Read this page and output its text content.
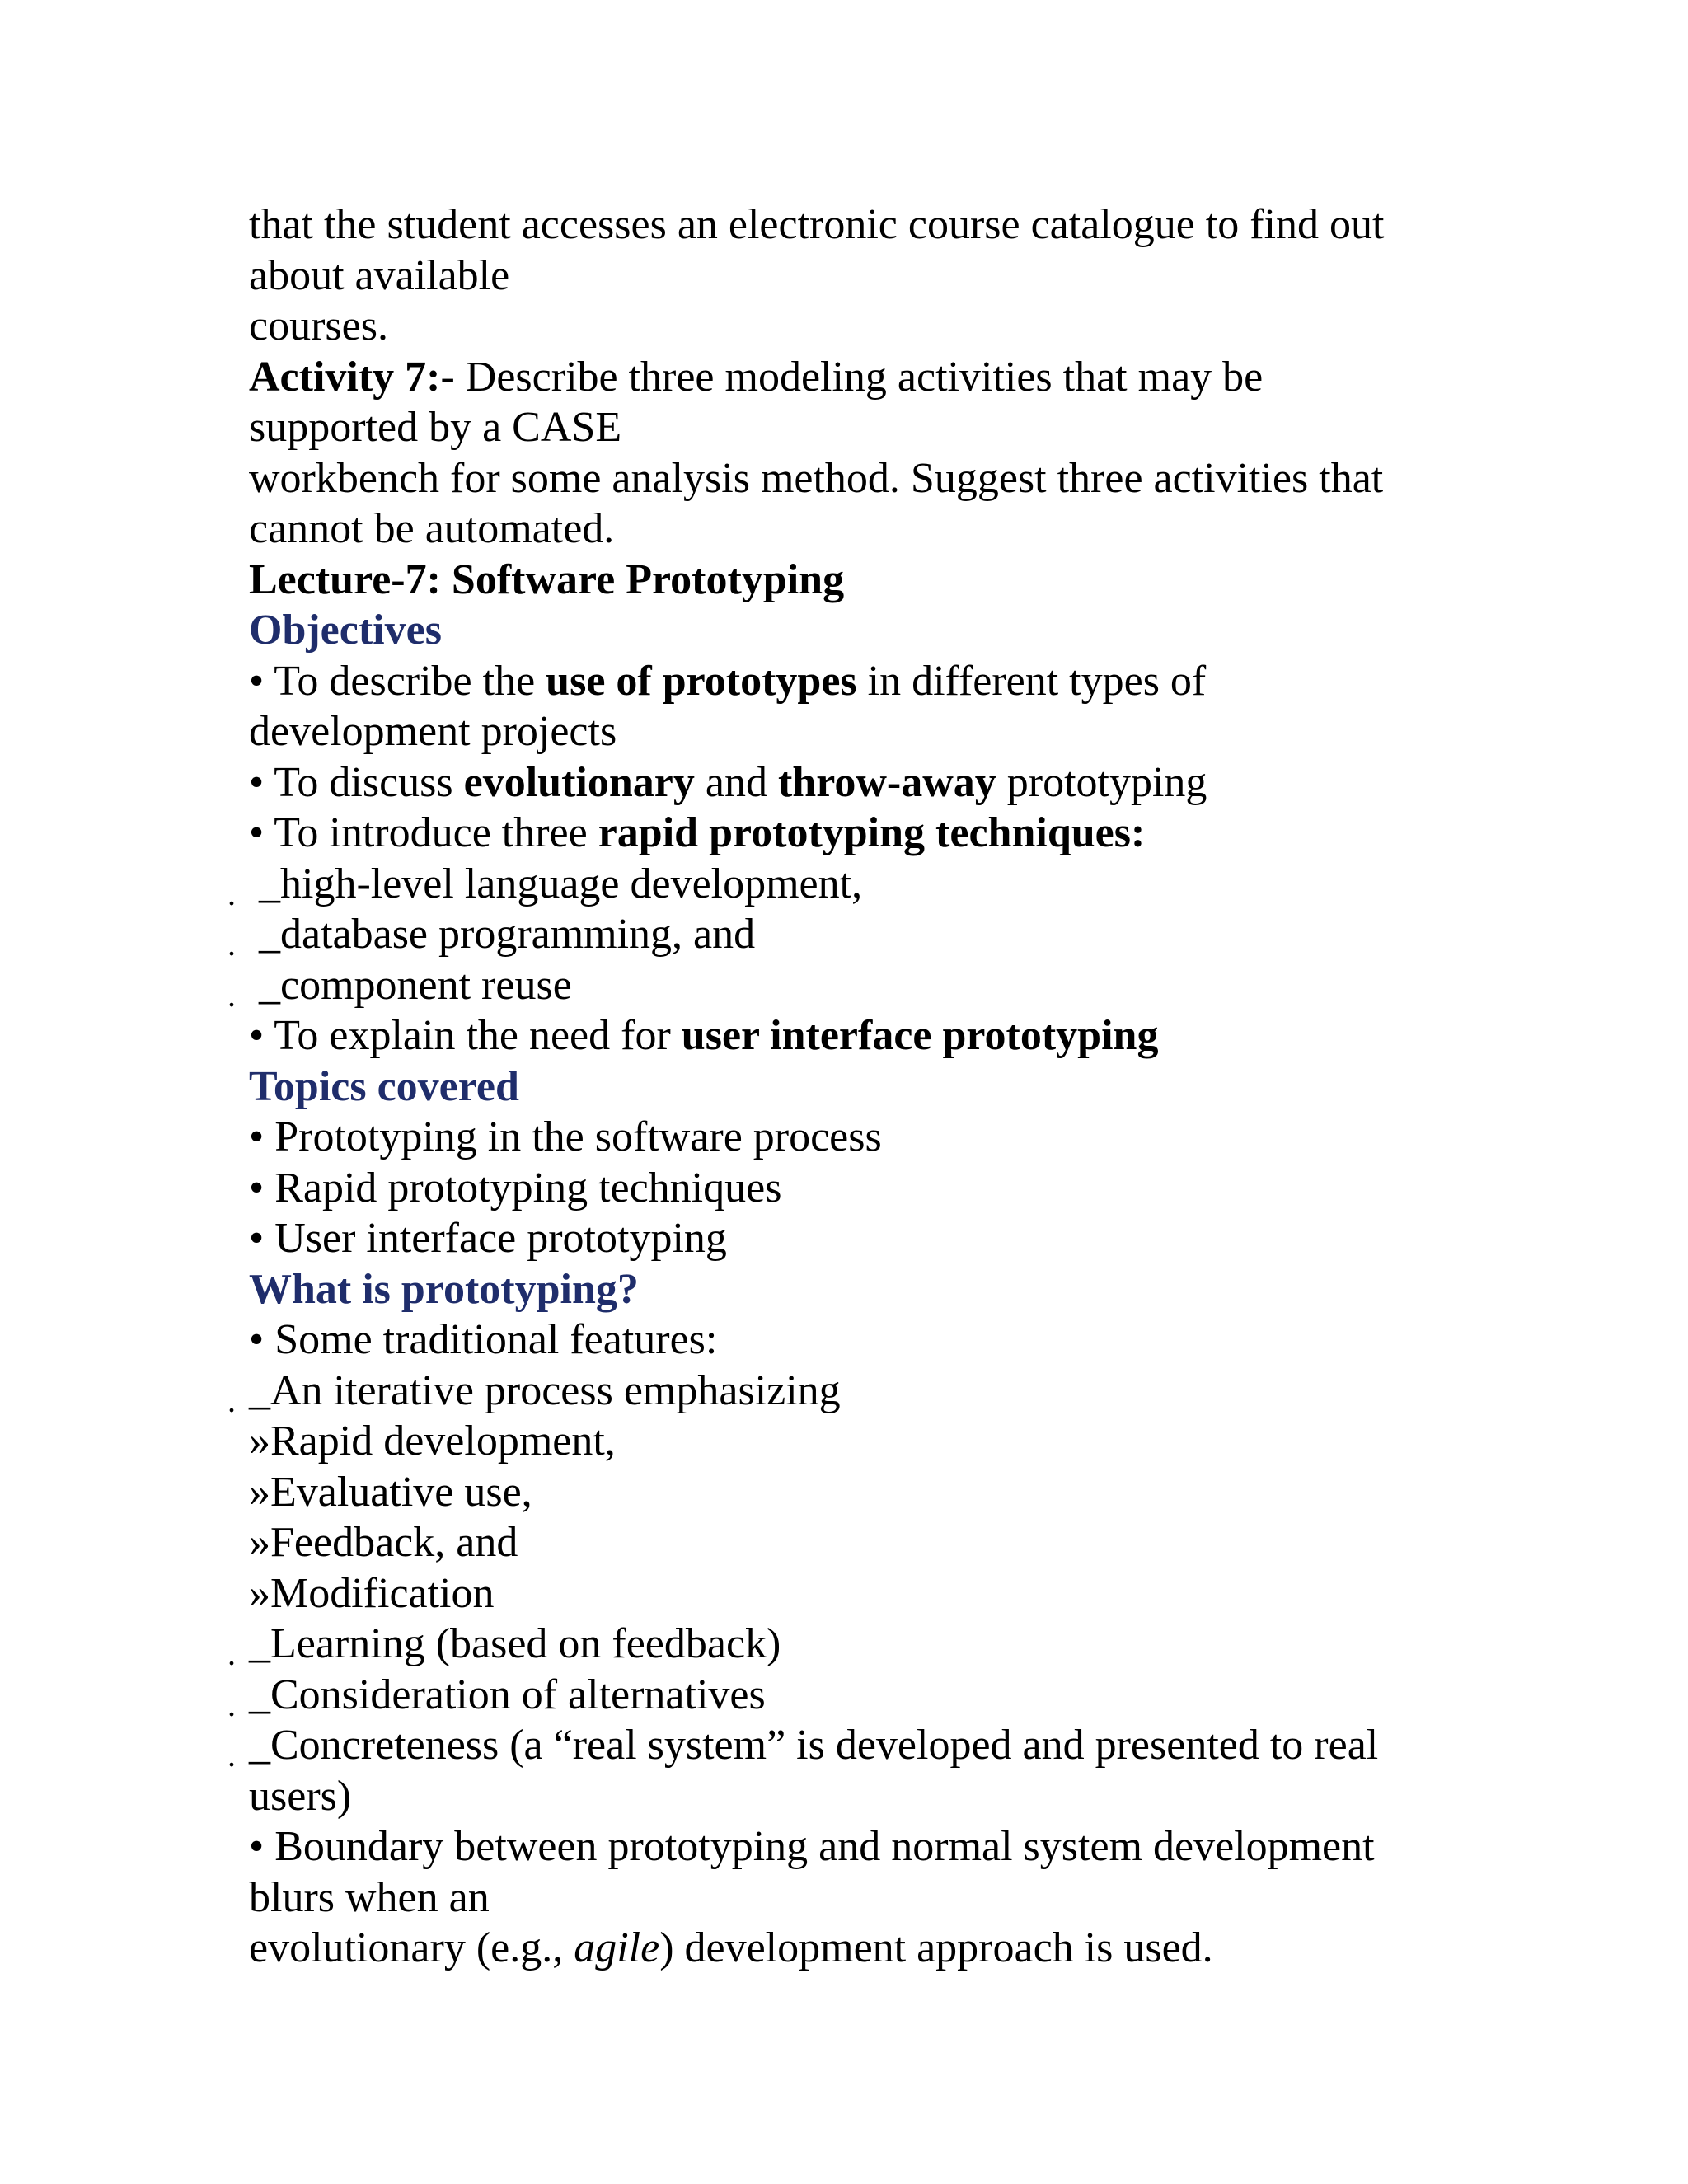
that the student accesses an electronic course catalogue to find out
about available
courses.
Activity 7:- Describe three modeling activities that may be
supported by a CASE
workbench for some analysis method. Suggest three activities that
cannot be automated.
Lecture-7: Software Prototyping
Objectives
• To describe the use of prototypes in different types of
development projects
• To discuss evolutionary and throw-away prototyping
• To introduce three rapid prototyping techniques:
. _high-level language development,
. _database programming, and
. _component reuse
• To explain the need for user interface prototyping
Topics covered
• Prototyping in the software process
• Rapid prototyping techniques
• User interface prototyping
What is prototyping?
• Some traditional features:
. _An iterative process emphasizing
»Rapid development,
»Evaluative use,
»Feedback, and
»Modification
. _Learning (based on feedback)
. _Consideration of alternatives
. _Concreteness (a “real system” is developed and presented to real
users)
• Boundary between prototyping and normal system development
blurs when an
evolutionary (e.g., agile) development approach is used.
